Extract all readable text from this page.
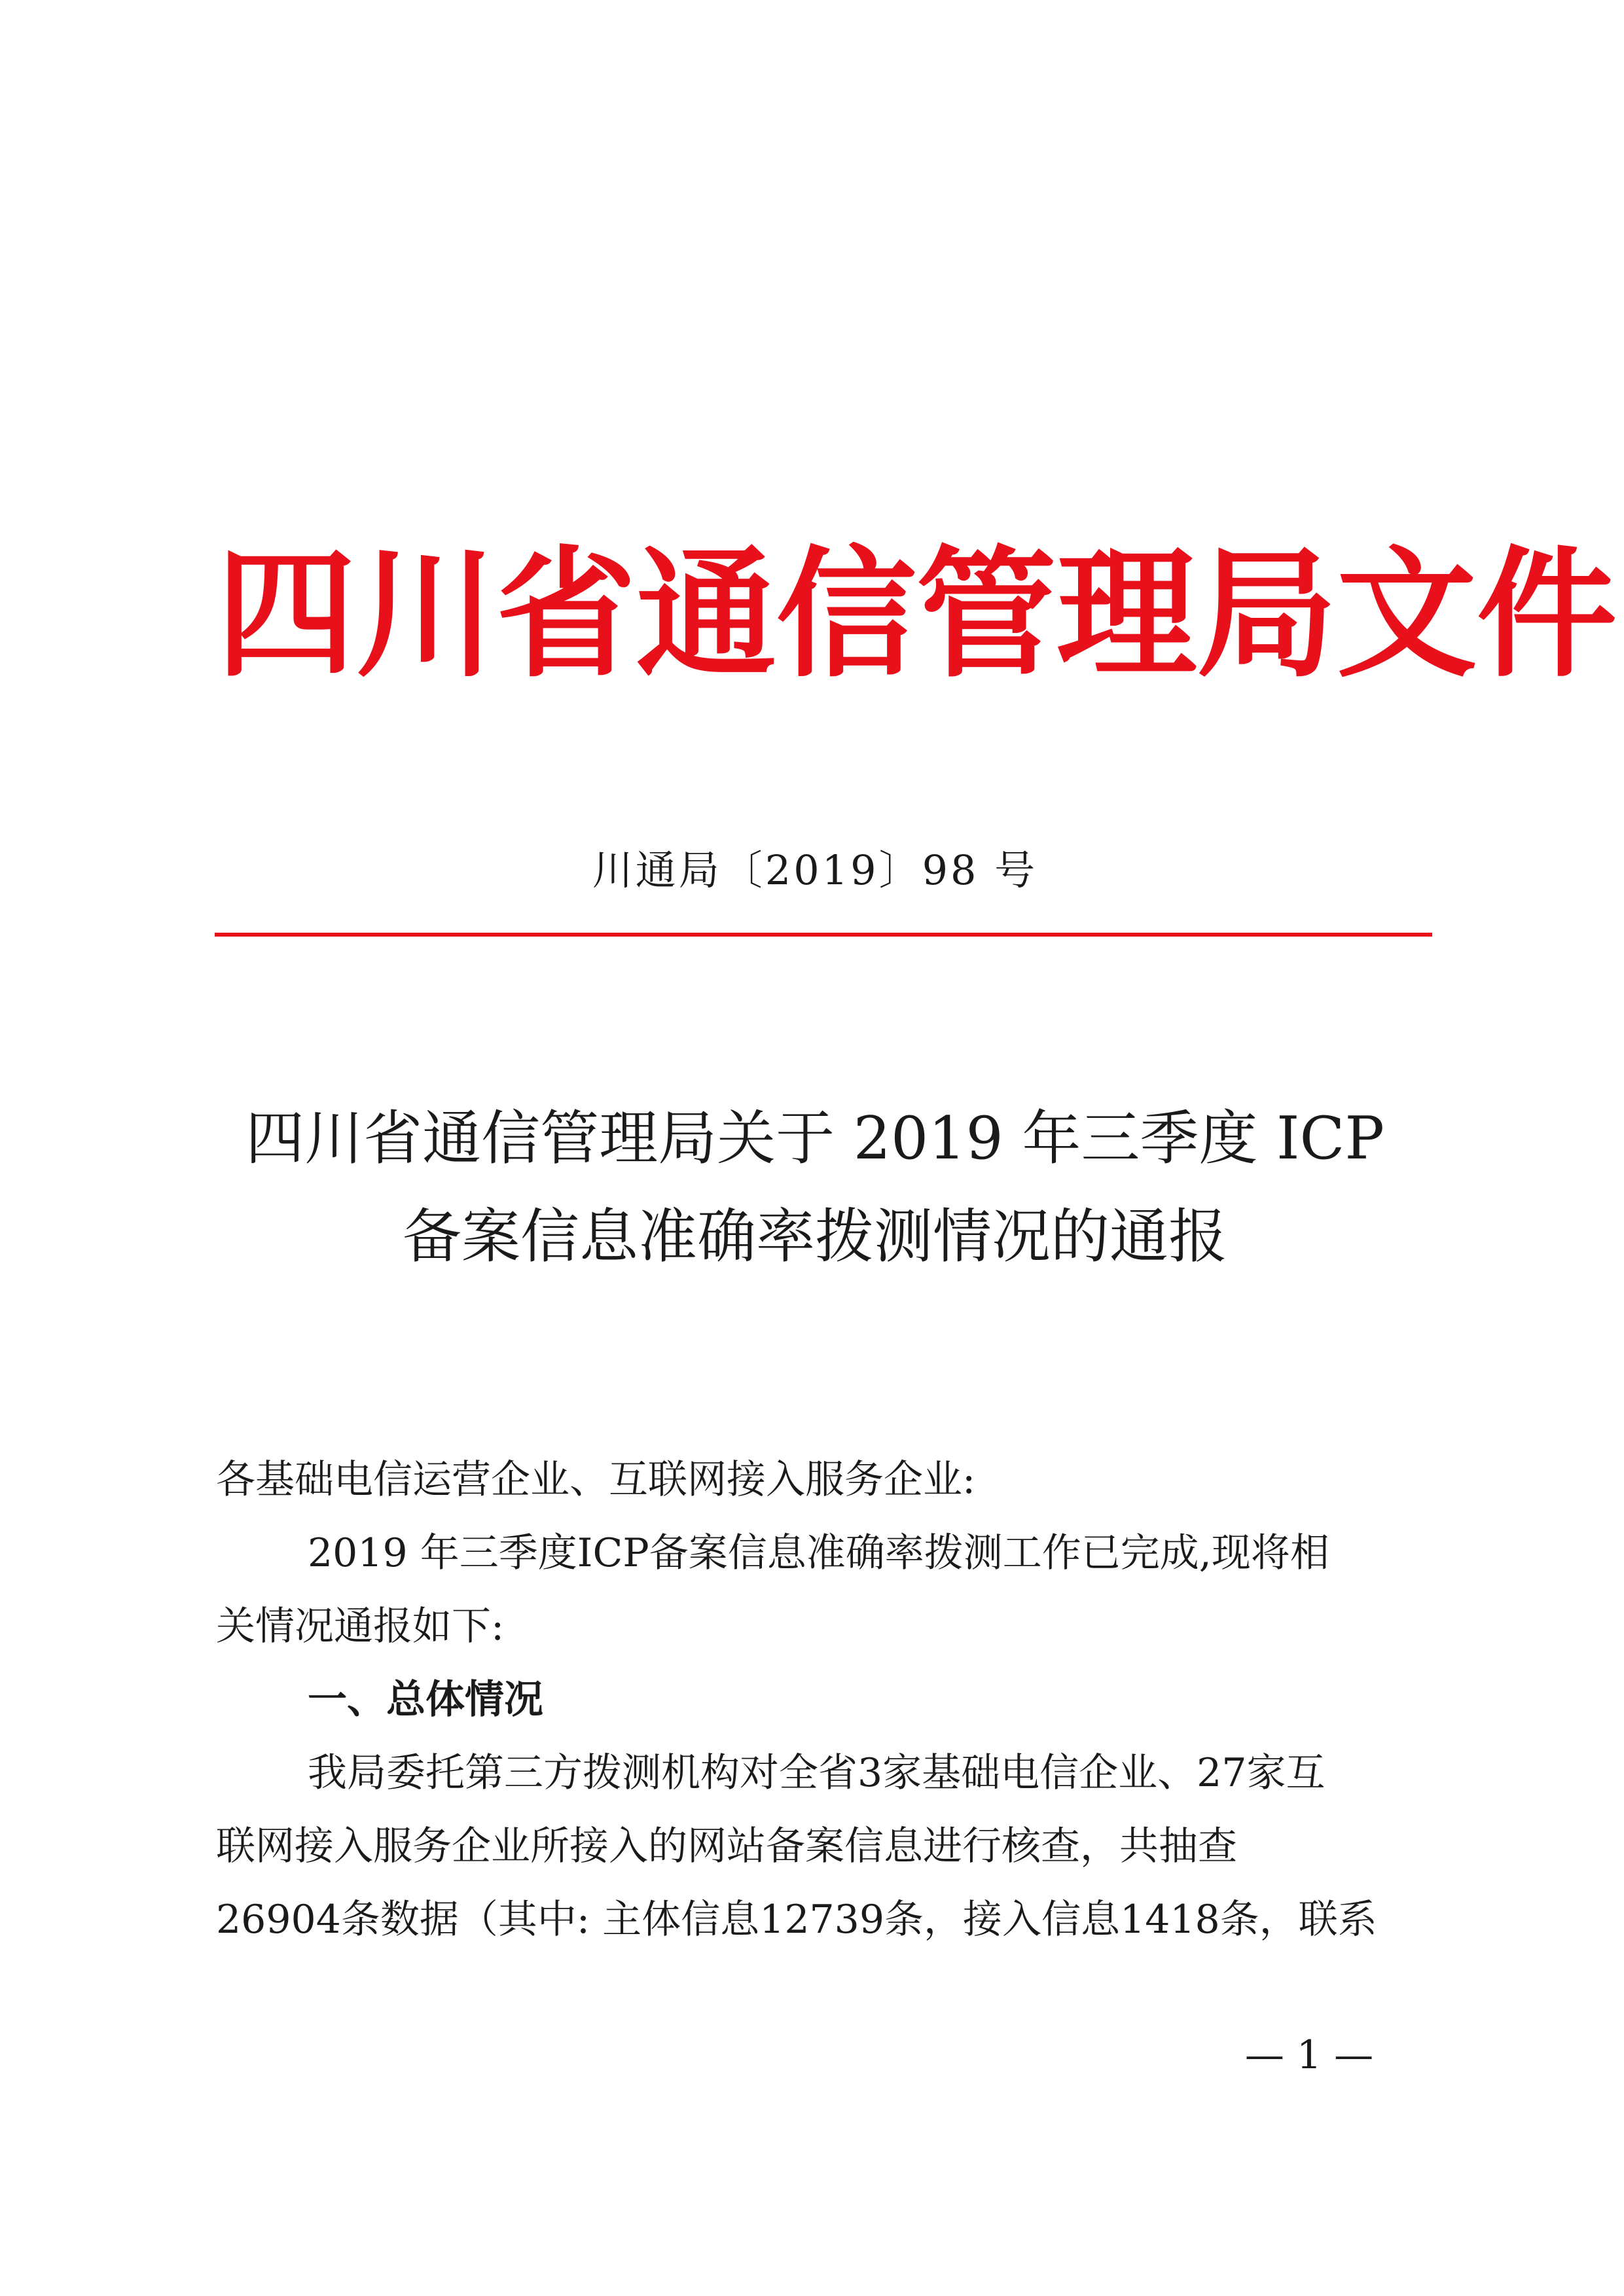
四川省通信管理局文件
川通局〔2019〕98 号
四川省通信管理局关于 2019 年三季度 ICP
备案信息准确率拨测情况的通报
各基础电信运营企业、互联网接入服务企业:
2019 年三季度ICP备案信息准确率拨测工作已完成,现将相
关情况通报如下:
一、总体情况
我局委托第三方拨测机构对全省3家基础电信企业、27家互
联网接入服务企业所接入的网站备案信息进行核查，共抽查
26904条数据（其中: 主体信息12739条，接入信息1418条，联系
— 1 —
